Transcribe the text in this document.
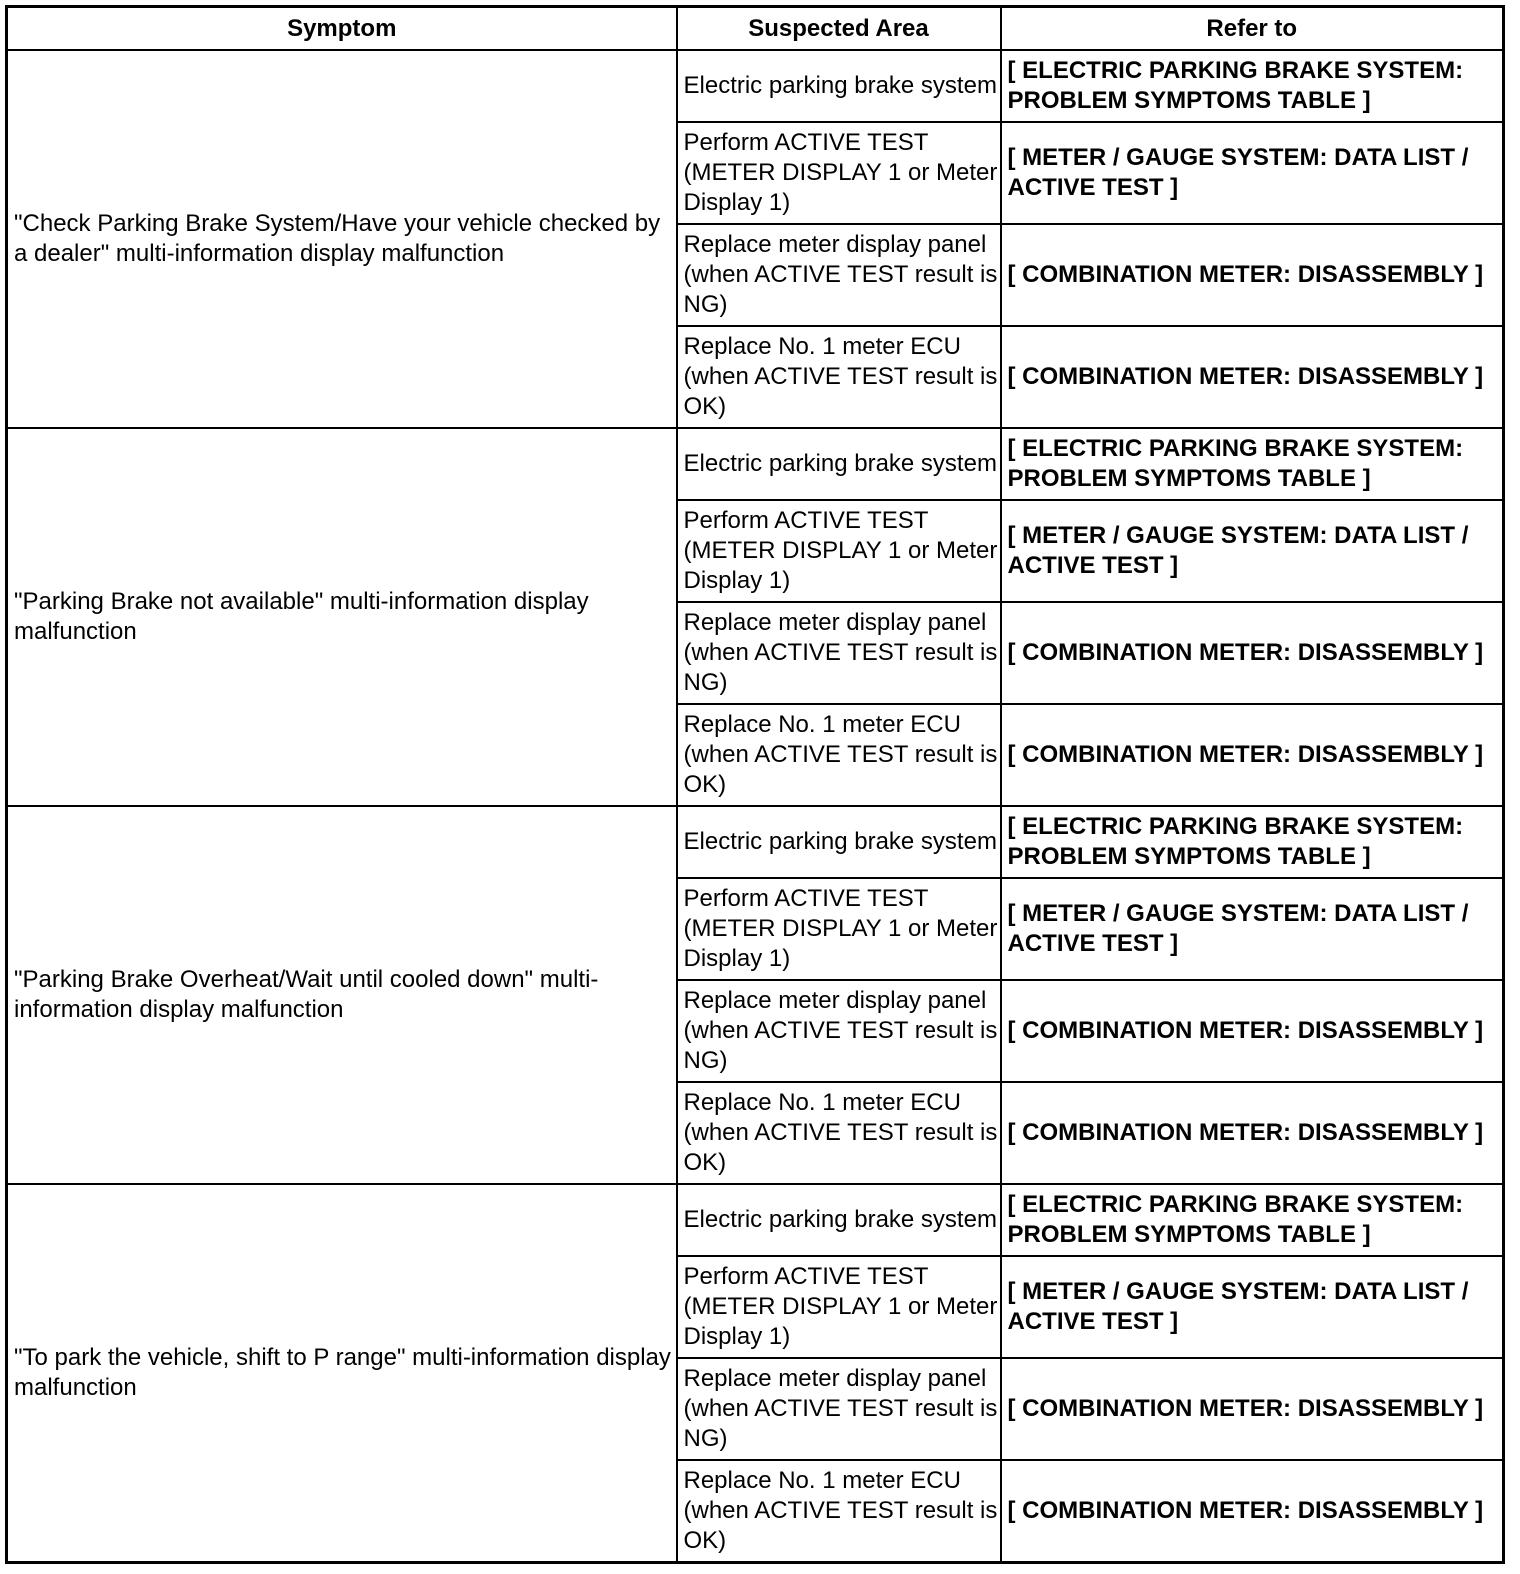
Symptom	Suspected Area	Refer to
"Check Parking Brake System/Have your vehicle checked by a dealer" multi-information display malfunction	Electric parking brake system	[ ELECTRIC PARKING BRAKE SYSTEM: PROBLEM SYMPTOMS TABLE ]
	Perform ACTIVE TEST (METER DISPLAY 1 or Meter Display 1)	[ METER / GAUGE SYSTEM: DATA LIST / ACTIVE TEST ]
	Replace meter display panel (when ACTIVE TEST result is NG)	[ COMBINATION METER: DISASSEMBLY ]
	Replace No. 1 meter ECU (when ACTIVE TEST result is OK)	[ COMBINATION METER: DISASSEMBLY ]
"Parking Brake not available" multi-information display malfunction	Electric parking brake system	[ ELECTRIC PARKING BRAKE SYSTEM: PROBLEM SYMPTOMS TABLE ]
	Perform ACTIVE TEST (METER DISPLAY 1 or Meter Display 1)	[ METER / GAUGE SYSTEM: DATA LIST / ACTIVE TEST ]
	Replace meter display panel (when ACTIVE TEST result is NG)	[ COMBINATION METER: DISASSEMBLY ]
	Replace No. 1 meter ECU (when ACTIVE TEST result is OK)	[ COMBINATION METER: DISASSEMBLY ]
"Parking Brake Overheat/Wait until cooled down" multi-information display malfunction	Electric parking brake system	[ ELECTRIC PARKING BRAKE SYSTEM: PROBLEM SYMPTOMS TABLE ]
	Perform ACTIVE TEST (METER DISPLAY 1 or Meter Display 1)	[ METER / GAUGE SYSTEM: DATA LIST / ACTIVE TEST ]
	Replace meter display panel (when ACTIVE TEST result is NG)	[ COMBINATION METER: DISASSEMBLY ]
	Replace No. 1 meter ECU (when ACTIVE TEST result is OK)	[ COMBINATION METER: DISASSEMBLY ]
"To park the vehicle, shift to P range" multi-information display malfunction	Electric parking brake system	[ ELECTRIC PARKING BRAKE SYSTEM: PROBLEM SYMPTOMS TABLE ]
	Perform ACTIVE TEST (METER DISPLAY 1 or Meter Display 1)	[ METER / GAUGE SYSTEM: DATA LIST / ACTIVE TEST ]
	Replace meter display panel (when ACTIVE TEST result is NG)	[ COMBINATION METER: DISASSEMBLY ]
	Replace No. 1 meter ECU (when ACTIVE TEST result is OK)	[ COMBINATION METER: DISASSEMBLY ]
